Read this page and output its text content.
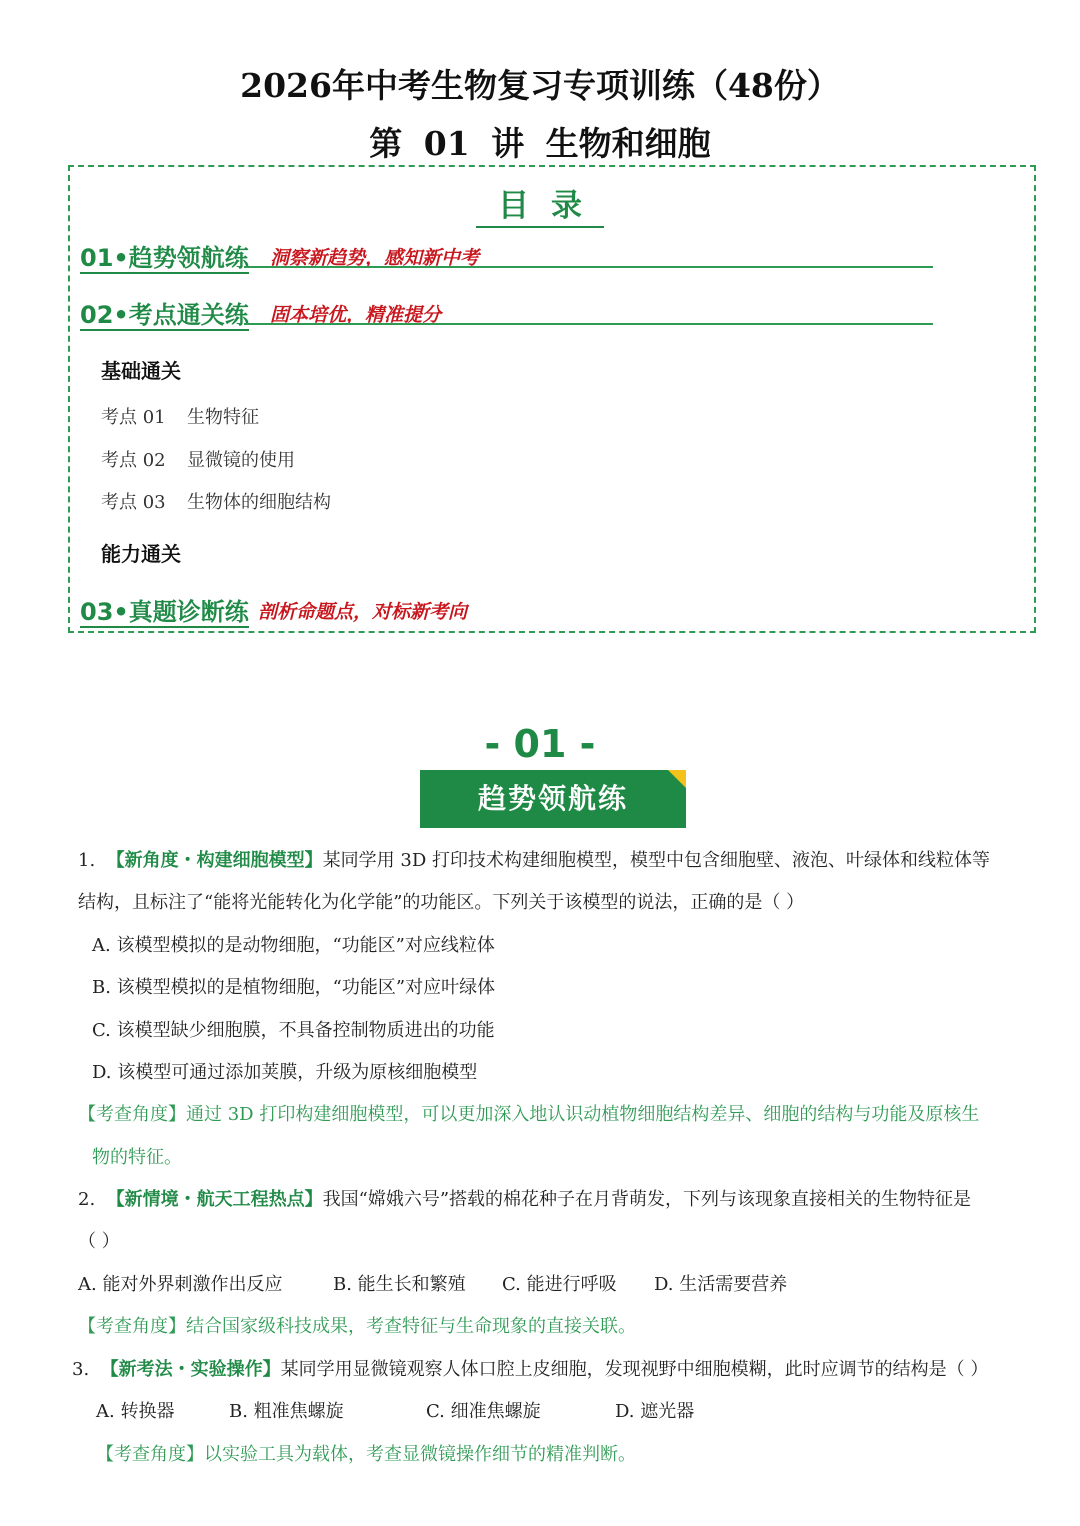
2026年中考生物复习专项训练（48份）
第 01 讲 生物和细胞
目录
01•趋势领航练 洞察新趋势，感知新中考
02•考点通关练 固本培优，精准提分
基础通关
考点 01 生物特征
考点 02 显微镜的使用
考点 03 生物体的细胞结构
能力通关
03•真题诊断练 剖析命题点，对标新考向
- 01 -
趋势领航练
1. 【新角度・构建细胞模型】某同学用 3D 打印技术构建细胞模型，模型中包含细胞壁、液泡、叶绿体和线粒体等
结构，且标注了“能将光能转化为化学能”的功能区。下列关于该模型的说法，正确的是（ ）
A. 该模型模拟的是动物细胞，“功能区”对应线粒体
B. 该模型模拟的是植物细胞，“功能区”对应叶绿体
C. 该模型缺少细胞膜，不具备控制物质进出的功能
D. 该模型可通过添加荚膜，升级为原核细胞模型
【考查角度】通过 3D 打印构建细胞模型，可以更加深入地认识动植物细胞结构差异、细胞的结构与功能及原核生
物的特征。
2. 【新情境・航天工程热点】我国“嫦娥六号”搭载的棉花种子在月背萌发，下列与该现象直接相关的生物特征是
（ ）
A. 能对外界刺激作出反应	B. 能生长和繁殖 C. 能进行呼吸 D. 生活需要营养
【考查角度】结合国家级科技成果，考查特征与生命现象的直接关联。
3. 【新考法・实验操作】某同学用显微镜观察人体口腔上皮细胞，发现视野中细胞模糊，此时应调节的结构是（ ）
A. 转换器	B. 粗准焦螺旋	C. 细准焦螺旋	D. 遮光器
【考查角度】以实验工具为载体，考查显微镜操作细节的精准判断。
